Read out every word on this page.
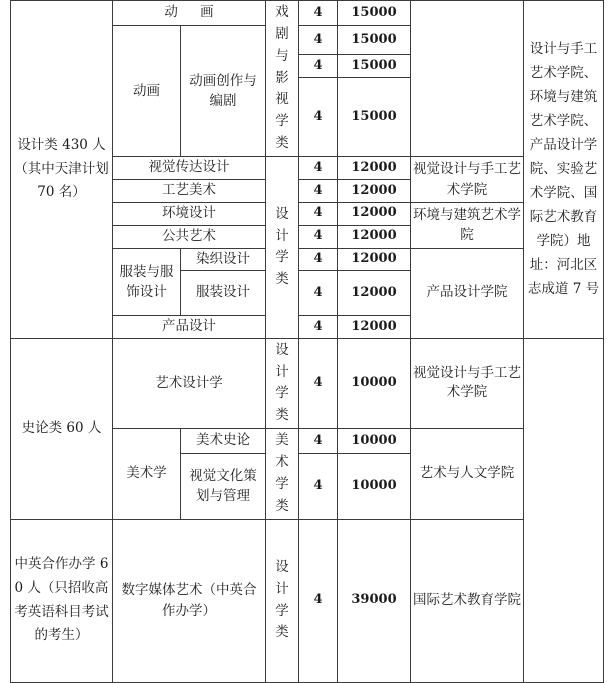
设计类 430 人（其中天津计划 70 名）	动 画		戏剧与影视学类	4	15000		设计与手工艺术学院、环境与建筑艺术学院、产品设计学院、实验艺术学院、国际艺术教育学院）地址：河北区志成道 7 号
	动画	动画创作与编剧		4	15000		
				4	15000		
				4	15000		
	视觉传达设计		设计学类	4	12000	视觉设计与手工艺术学院	
	工艺美术			4	12000		
	环境设计			4	12000	环境与建筑艺术学院	
	公共艺术			4	12000		
	服装与服饰设计	染织设计		4	12000	产品设计学院	
		服装设计		4	12000		
	产品设计			4	12000		
史论类 60 人	艺术设计学		设计学类	4	10000	视觉设计与手工艺术学院	
	美术学	美术史论	美术学类	4	10000	艺术与人文学院	
		视觉文化策划与管理		4	10000		
中英合作办学 60 人（只招收高考英语科目考试的考生）	数字媒体艺术（中英合作办学）		设计学类	4	39000	国际艺术教育学院	
